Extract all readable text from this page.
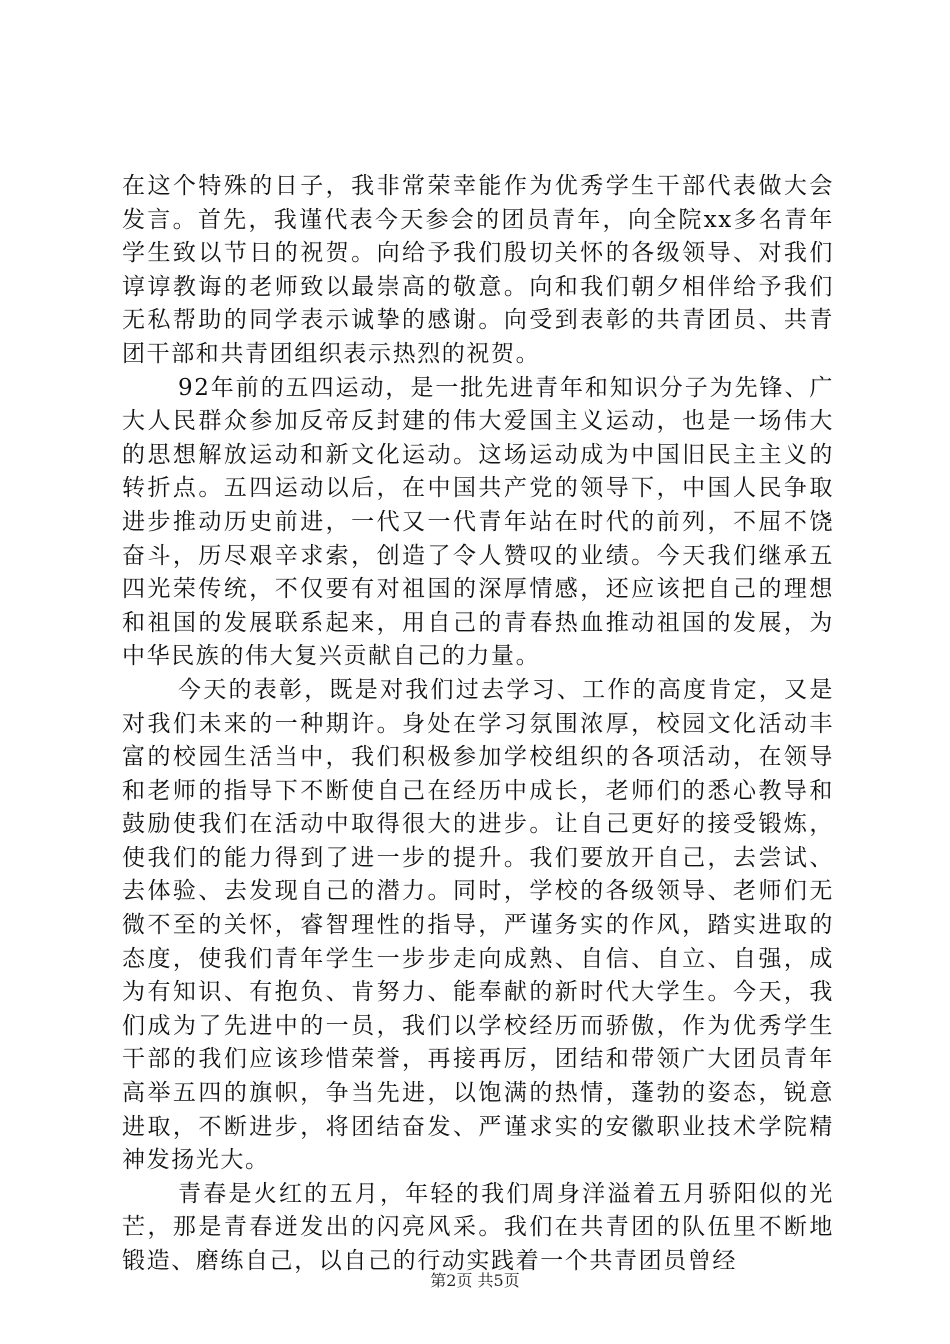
在这个特殊的日子，我非常荣幸能作为优秀学生干部代表做大会发言。首先，我谨代表今天参会的团员青年，向全院xx多名青年学生致以节日的祝贺。向给予我们殷切关怀的各级领导、对我们谆谆教诲的老师致以最崇高的敬意。向和我们朝夕相伴给予我们无私帮助的同学表示诚挚的感谢。向受到表彰的共青团员、共青团干部和共青团组织表示热烈的祝贺。

92年前的五四运动，是一批先进青年和知识分子为先锋、广大人民群众参加反帝反封建的伟大爱国主义运动，也是一场伟大的思想解放运动和新文化运动。这场运动成为中国旧民主主义的转折点。五四运动以后，在中国共产党的领导下，中国人民争取进步推动历史前进，一代又一代青年站在时代的前列，不屈不饶奋斗，历尽艰辛求索，创造了令人赞叹的业绩。今天我们继承五四光荣传统，不仅要有对祖国的深厚情感，还应该把自己的理想和祖国的发展联系起来，用自己的青春热血推动祖国的发展，为中华民族的伟大复兴贡献自己的力量。

今天的表彰，既是对我们过去学习、工作的高度肯定，又是对我们未来的一种期许。身处在学习氛围浓厚，校园文化活动丰富的校园生活当中，我们积极参加学校组织的各项活动，在领导和老师的指导下不断使自己在经历中成长，老师们的悉心教导和鼓励使我们在活动中取得很大的进步。让自己更好的接受锻炼，使我们的能力得到了进一步的提升。我们要放开自己，去尝试、去体验、去发现自己的潜力。同时，学校的各级领导、老师们无微不至的关怀，睿智理性的指导，严谨务实的作风，踏实进取的态度，使我们青年学生一步步走向成熟、自信、自立、自强，成为有知识、有抱负、肯努力、能奉献的新时代大学生。今天，我们成为了先进中的一员，我们以学校经历而骄傲，作为优秀学生干部的我们应该珍惜荣誉，再接再厉，团结和带领广大团员青年高举五四的旗帜，争当先进，以饱满的热情，蓬勃的姿态，锐意进取，不断进步，将团结奋发、严谨求实的安徽职业技术学院精神发扬光大。

青春是火红的五月，年轻的我们周身洋溢着五月骄阳似的光芒，那是青春迸发出的闪亮风采。我们在共青团的队伍里不断地锻造、磨练自己，以自己的行动实践着一个共青团员曾经

第2页 共5页
